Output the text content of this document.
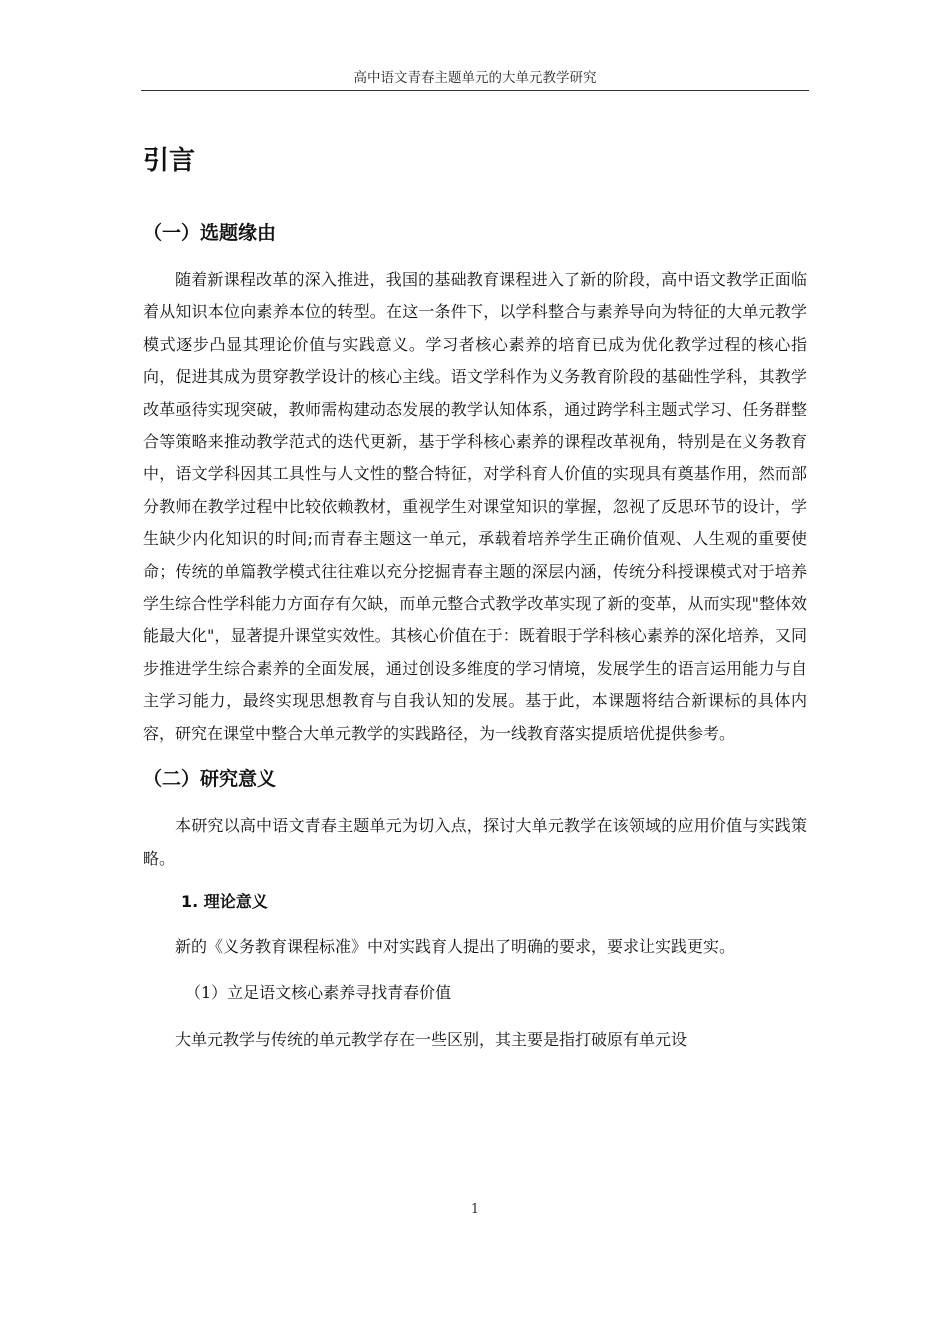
高中语文青春主题单元的大单元教学研究
引言
（一）选题缘由

随着新课程改革的深入推进，我国的基础教育课程进入了新的阶段，高中语文教学正面临着从知识本位向素养本位的转型。在这一条件下，以学科整合与素养导向为特征的大单元教学模式逐步凸显其理论价值与实践意义。学习者核心素养的培育已成为优化教学过程的核心指向，促进其成为贯穿教学设计的核心主线。语文学科作为义务教育阶段的基础性学科，其教学改革亟待实现突破，教师需构建动态发展的教学认知体系，通过跨学科主题式学习、任务群整合等策略来推动教学范式的迭代更新，基于学科核心素养的课程改革视角，特别是在义务教育中，语文学科因其工具性与人文性的整合特征，对学科育人价值的实现具有奠基作用，然而部分教师在教学过程中比较依赖教材，重视学生对课堂知识的掌握，忽视了反思环节的设计，学生缺少内化知识的时间;而青春主题这一单元，承载着培养学生正确价值观、人生观的重要使命；传统的单篇教学模式往往难以充分挖掘青春主题的深层内涵，传统分科授课模式对于培养学生综合性学科能力方面存有欠缺，而单元整合式教学改革实现了新的变革，从而实现"整体效能最大化"，显著提升课堂实效性。其核心价值在于：既着眼于学科核心素养的深化培养，又同步推进学生综合素养的全面发展，通过创设多维度的学习情境，发展学生的语言运用能力与自主学习能力，最终实现思想教育与自我认知的发展。基于此，本课题将结合新课标的具体内容，研究在课堂中整合大单元教学的实践路径，为一线教育落实提质培优提供参考。

（二）研究意义

本研究以高中语文青春主题单元为切入点，探讨大单元教学在该领域的应用价值与实践策略。

1. 理论意义

新的《义务教育课程标准》中对实践育人提出了明确的要求，要求让实践更实。

（1）立足语文核心素养寻找青春价值

大单元教学与传统的单元教学存在一些区别，其主要是指打破原有单元设

1
